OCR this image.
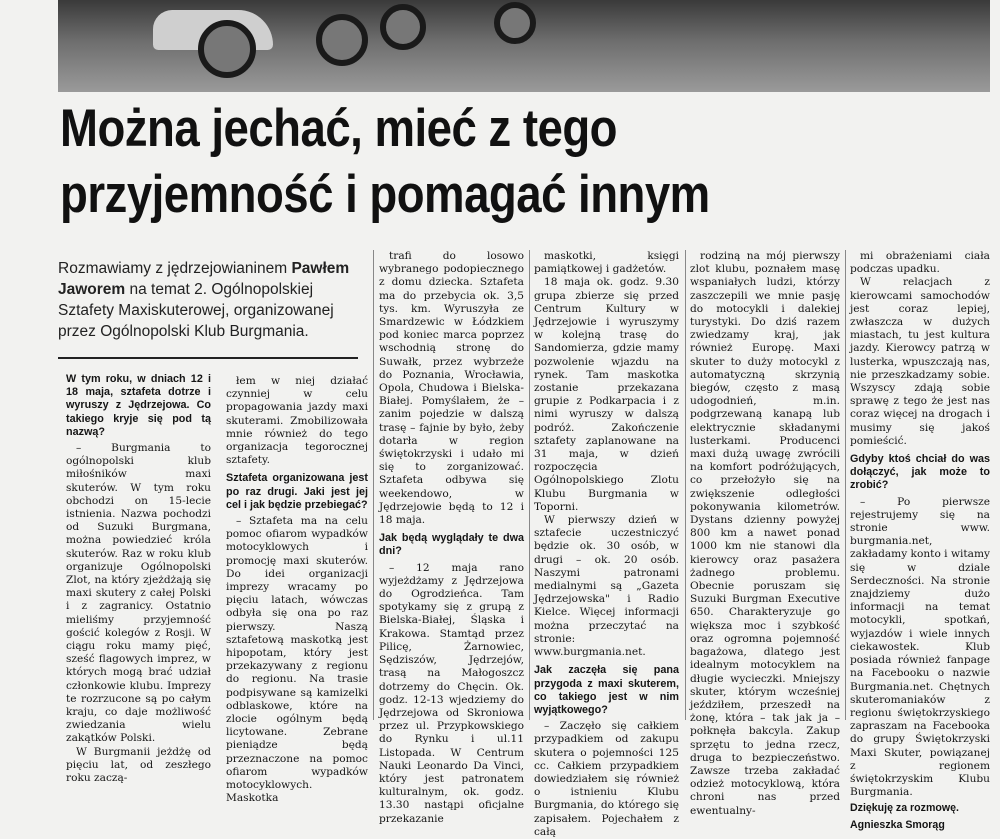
Można jechać, mieć z tego
przyjemność i pomagać innym
Rozmawiamy z jędrzejowianinem Pawłem Jaworem na temat 2. Ogólnopolskiej Sztafety Maxiskuterowej, organizowanej przez Ogólnopolski Klub Burgmania.

W tym roku, w dniach 12 i 18 maja, sztafeta dotrze i wyruszy z Jędrzejowa. Co takiego kryje się pod tą nazwą?

– Burgmania to ogólnopolski klub miłośników maxi skuterów. W tym roku obchodzi on 15-lecie istnienia. Nazwa pochodzi od Suzuki Burgmana, można powiedzieć króla skuterów. Raz w roku klub organizuje Ogólnopolski Zlot, na który zjeżdżają się maxi skutery z całej Polski i z zagranicy. Ostatnio mieliśmy przyjemność gościć kolegów z Rosji. W ciągu roku mamy pięć, sześć flagowych imprez, w których mogą brać udział członkowie klubu. Imprezy te rozrzucone są po całym kraju, co daje możliwość zwiedzania wielu zakątków Polski.

W Burgmanii jeżdżę od pięciu lat, od zeszłego roku zaczą-

łem w niej działać czynniej w celu propagowania jazdy maxi skuterami. Zmobilizowała mnie również do tego organizacja tegorocznej sztafety.

Sztafeta organizowana jest po raz drugi. Jaki jest jej cel i jak będzie przebiegać?

– Sztafeta ma na celu pomoc ofiarom wypadków motocyklowych i promocję maxi skuterów. Do idei organizacji imprezy wracamy po pięciu latach, wówczas odbyła się ona po raz pierwszy. Naszą sztafetową maskotką jest hipopotam, który jest przekazywany z regionu do regionu. Na trasie podpisywane są kamizelki odblaskowe, które na zlocie ogólnym będą licytowane. Zebrane pieniądze będą przeznaczone na pomoc ofiarom wypadków motocyklowych. Maskotka

trafi do losowo wybranego podopiecznego z domu dziecka. Sztafeta ma do przebycia ok. 3,5 tys. km. Wyruszyła ze Smardzewic w Łódzkiem pod koniec marca poprzez wschodnią stronę do Suwałk, przez wybrzeże do Poznania, Wrocławia, Opola, Chudowa i Bielska-Białej. Pomyślałem, że – zanim pojedzie w dalszą trasę – fajnie by było, żeby dotarła w region świętokrzyski i udało mi się to zorganizować. Sztafeta odbywa się weekendowo, w Jędrzejowie będą to 12 i 18 maja.

Jak będą wyglądały te dwa dni?

– 12 maja rano wyjeżdżamy z Jędrzejowa do Ogrodzieńca. Tam spotykamy się z grupą z Bielska-Białej, Śląska i Krakowa. Stamtąd przez Pilicę, Żarnowiec, Sędziszów, Jędrzejów, trasą na Małogoszcz dotrzemy do Chęcin. Ok. godz. 12-13 wjedziemy do Jędrzejowa od Skroniowa przez ul. Przypkowskiego do Rynku i ul.11 Listopada. W Centrum Nauki Leonardo Da Vinci, który jest patronatem kulturalnym, ok. godz. 13.30 nastąpi oficjalne przekazanie

maskotki, księgi pamiątkowej i gadżetów.

18 maja ok. godz. 9.30 grupa zbierze się przed Centrum Kultury w Jędrzejowie i wyruszymy w kolejną trasę do Sandomierza, gdzie mamy pozwolenie wjazdu na rynek. Tam maskotka zostanie przekazana grupie z Podkarpacia i z nimi wyruszy w dalszą podróż. Zakończenie sztafety zaplanowane na 31 maja, w dzień rozpoczęcia Ogólnopolskiego Zlotu Klubu Burgmania w Toporni.

W pierwszy dzień w sztafecie uczestniczyć będzie ok. 30 osób, w drugi – ok. 20 osób. Naszymi patronami medialnymi są „Gazeta Jędrzejowska" i Radio Kielce. Więcej informacji można przeczytać na stronie: www.burgmania.net.

Jak zaczęła się pana przygoda z maxi skuterem, co takiego jest w nim wyjątkowego?

– Zaczęło się całkiem przypadkiem od zakupu skutera o pojemności 125 cc. Całkiem przypadkiem dowiedziałem się również o istnieniu Klubu Burgmania, do którego się zapisałem. Pojechałem z całą

rodziną na mój pierwszy zlot klubu, poznałem masę wspaniałych ludzi, którzy zaszczepili we mnie pasję do motocykli i dalekiej turystyki. Do dziś razem zwiedzamy kraj, jak również Europę. Maxi skuter to duży motocykl z automatyczną skrzynią biegów, często z masą udogodnień, m.in. podgrzewaną kanapą lub elektrycznie składanymi lusterkami. Producenci maxi dużą uwagę zwrócili na komfort podróżujących, co przełożyło się na zwiększenie odległości pokonywania kilometrów. Dystans dzienny powyżej 800 km a nawet ponad 1000 km nie stanowi dla kierowcy oraz pasażera żadnego problemu. Obecnie poruszam się Suzuki Burgman Executive 650. Charakteryzuje go większa moc i szybkość oraz ogromna pojemność bagażowa, dlatego jest idealnym motocyklem na długie wycieczki. Mniejszy skuter, którym wcześniej jeździłem, przeszedł na żonę, która – tak jak ja – połknęła bakcyla. Zakup sprzętu to jedna rzecz, druga to bezpieczeństwo. Zawsze trzeba zakładać odzież motocyklową, która chroni nas przed ewentualny-

mi obrażeniami ciała podczas upadku.

W relacjach z kierowcami samochodów jest coraz lepiej, zwłaszcza w dużych miastach, tu jest kultura jazdy. Kierowcy patrzą w lusterka, wpuszczają nas, nie przeszkadzamy sobie. Wszyscy zdają sobie sprawę z tego że jest nas coraz więcej na drogach i musimy się jakoś pomieścić.

Gdyby ktoś chciał do was dołączyć, jak może to zrobić?

– Po pierwsze rejestrujemy się na stronie www. burgmania.net, zakładamy konto i witamy się w dziale Serdeczności. Na stronie znajdziemy dużo informacji na temat motocykli, spotkań, wyjazdów i wiele innych ciekawostek. Klub posiada również fanpage na Facebooku o nazwie Burgmania.net. Chętnych skuteromaniaków z regionu świętokrzyskiego zapraszam na Facebooka do grupy Świętokrzyski Maxi Skuter, powiązanej z regionem świętokrzyskim Klubu Burgmania.

Dziękuję za rozmowę.

Agnieszka Smorąg
